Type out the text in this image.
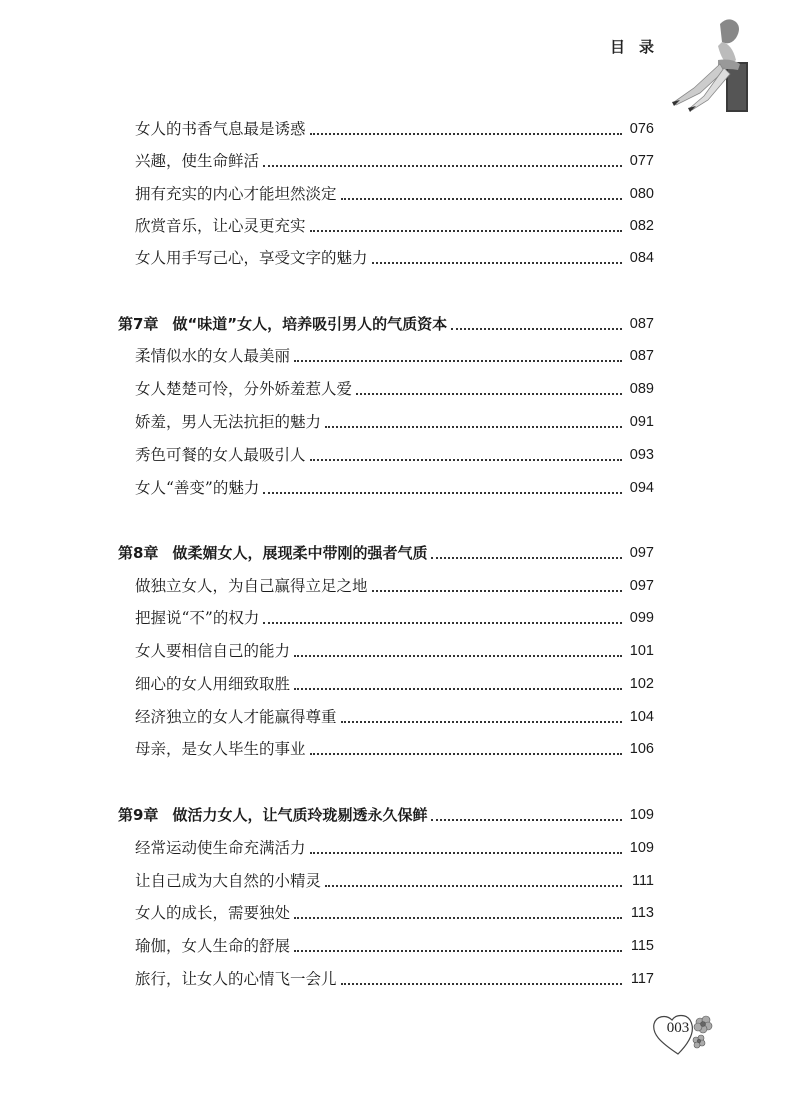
目录
女人的书香气息最是诱惑	076
兴趣，使生命鲜活	077
拥有充实的内心才能坦然淡定	080
欣赏音乐，让心灵更充实	082
女人用手写己心，享受文字的魅力	084
第7章 做“味道”女人，培养吸引男人的气质资本	087
柔情似水的女人最美丽	087
女人楚楚可怜，分外娇羞惹人爱	089
娇羞，男人无法抗拒的魅力	091
秀色可餐的女人最吸引人	093
女人“善变”的魅力	094
第8章 做柔媚女人，展现柔中带刚的强者气质	097
做独立女人，为自己赢得立足之地	097
把握说“不”的权力	099
女人要相信自己的能力	101
细心的女人用细致取胜	102
经济独立的女人才能赢得尊重	104
母亲，是女人毕生的事业	106
第9章 做活力女人，让气质玲珑剔透永久保鲜	109
经常运动使生命充满活力	109
让自己成为大自然的小精灵	111
女人的成长，需要独处	113
瑜伽，女人生命的舒展	115
旅行，让女人的心情飞一会儿	117
003
